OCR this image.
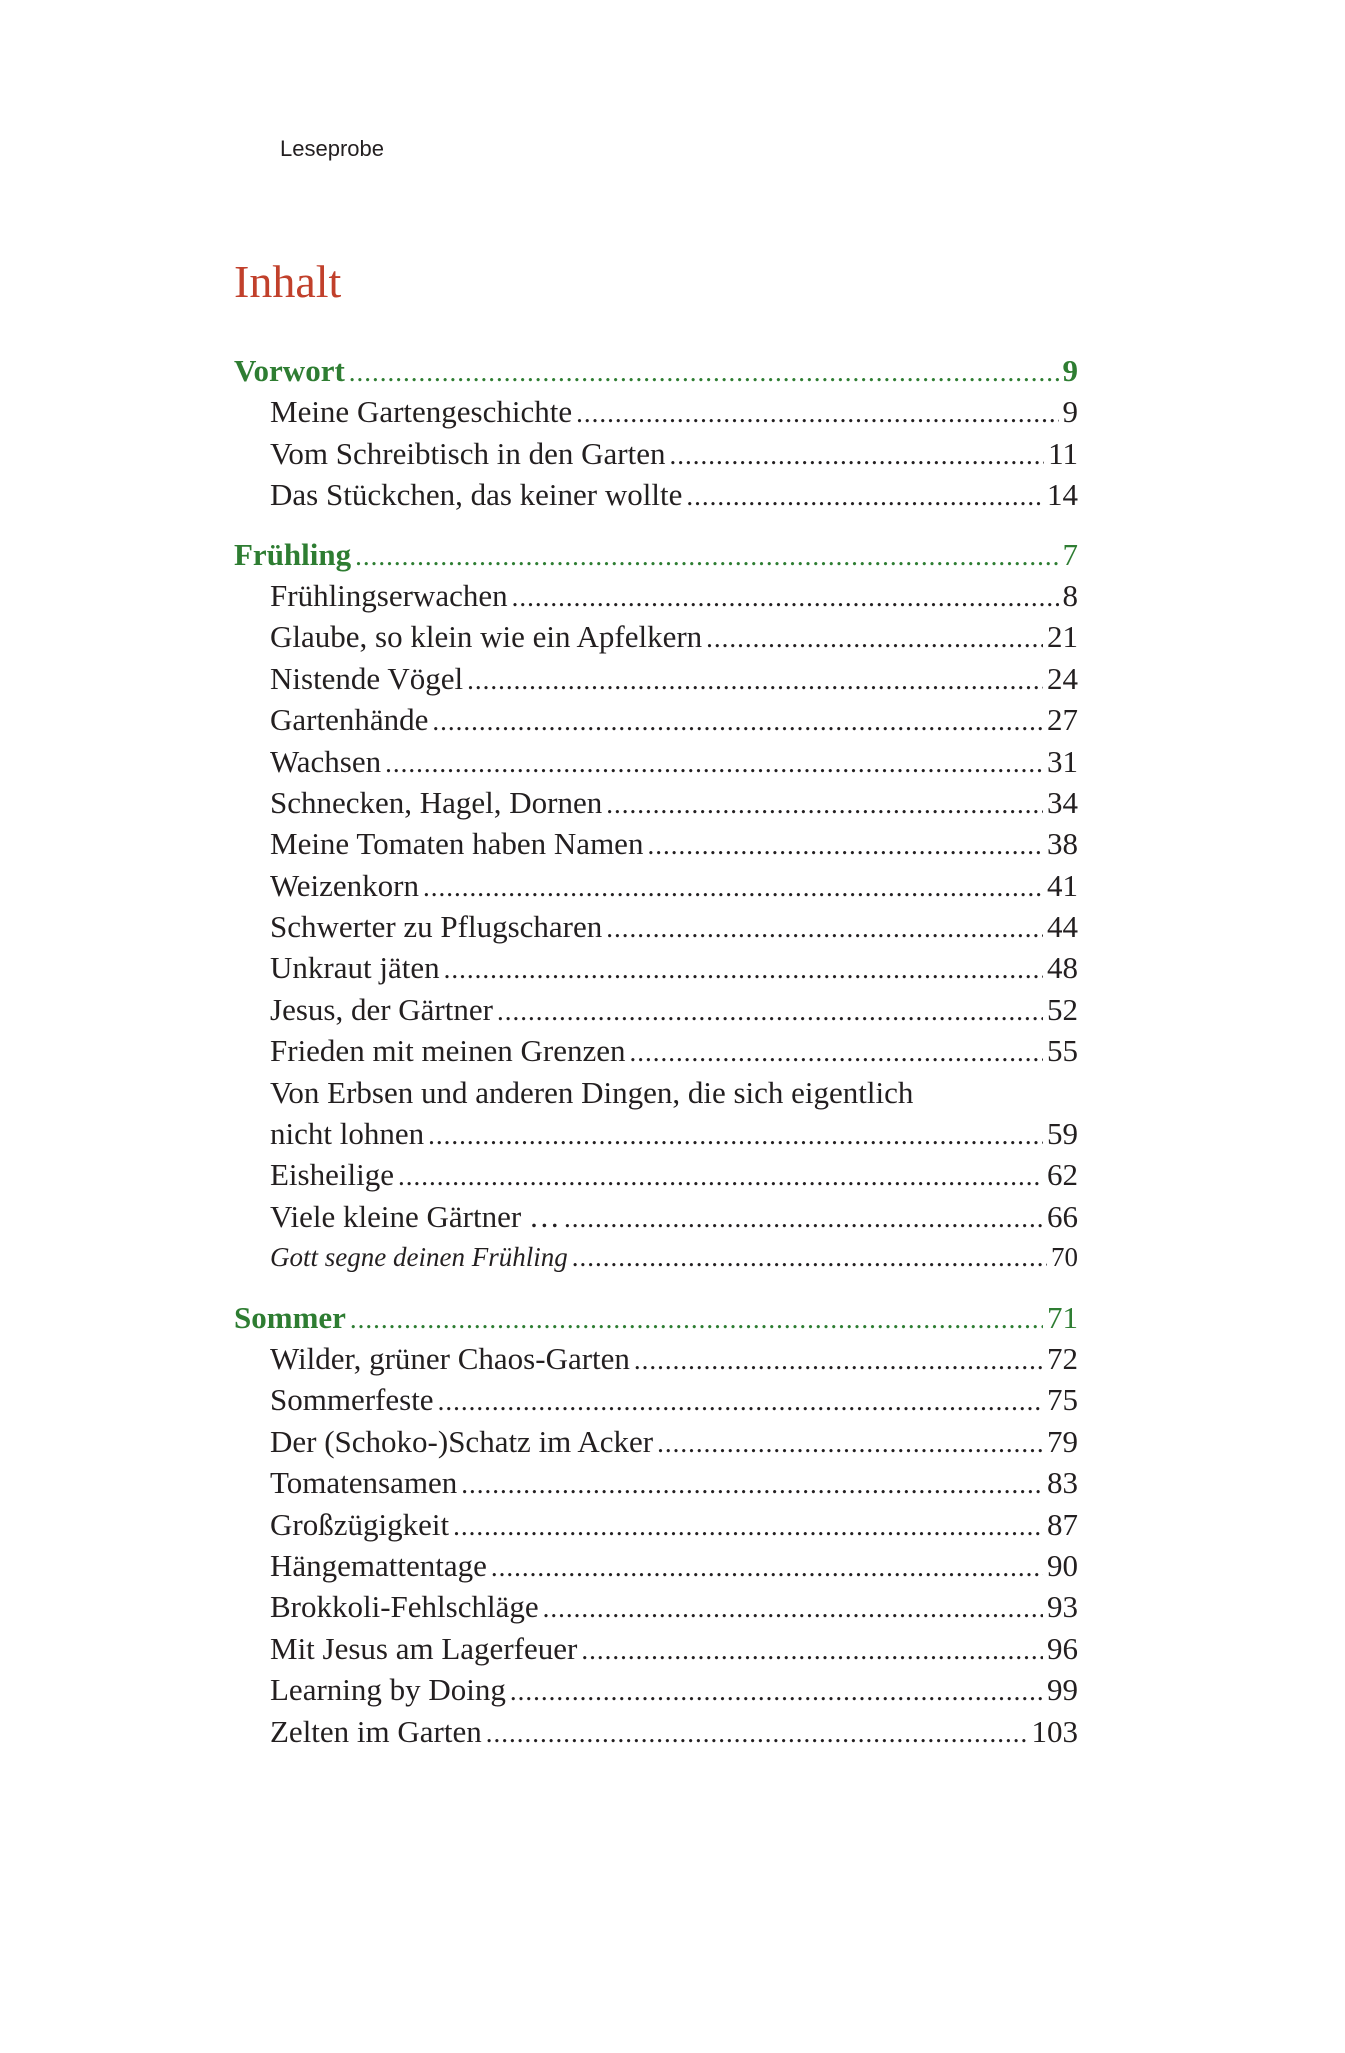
Leseprobe
Inhalt
Vorwort .....	9
Meine Gartengeschichte .....	9
Vom Schreibtisch in den Garten .....	11
Das Stückchen, das keiner wollte .....	14
Frühling .....	7
Frühlingserwachen .....	8
Glaube, so klein wie ein Apfelkern .....	21
Nistende Vögel .....	24
Gartenhände .....	27
Wachsen .....	31
Schnecken, Hagel, Dornen .....	34
Meine Tomaten haben Namen .....	38
Weizenkorn .....	41
Schwerter zu Pflugscharen .....	44
Unkraut jäten .....	48
Jesus, der Gärtner .....	52
Frieden mit meinen Grenzen .....	55
Von Erbsen und anderen Dingen, die sich eigentlich
nicht lohnen .....	59
Eisheilige .....	62
Viele kleine Gärtner … .....	66
Gott segne deinen Frühling .....	70
Sommer .....	71
Wilder, grüner Chaos-Garten .....	72
Sommerfeste .....	75
Der (Schoko-)Schatz im Acker .....	79
Tomatensamen .....	83
Großzügigkeit .....	87
Hängemattentage .....	90
Brokkoli-Fehlschläge .....	93
Mit Jesus am Lagerfeuer .....	96
Learning by Doing .....	99
Zelten im Garten .....	103
